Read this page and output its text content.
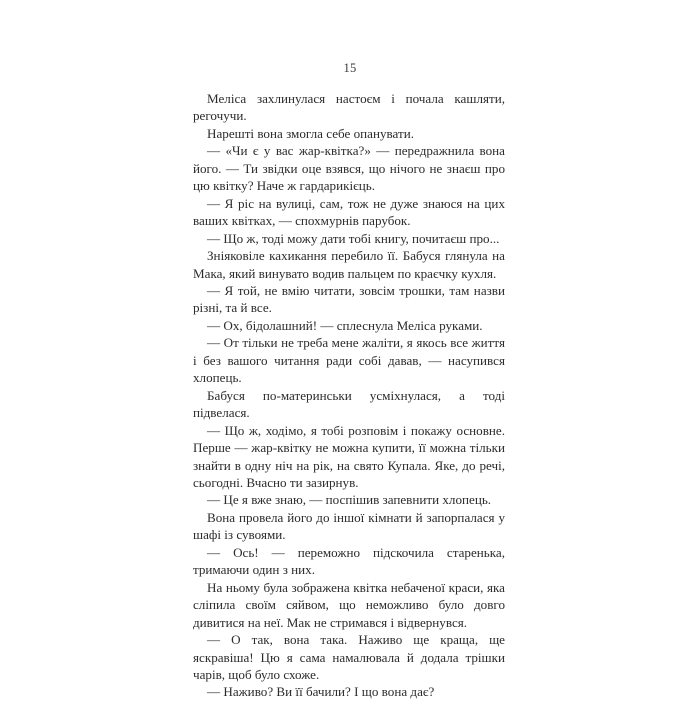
15

Меліса захлинулася настоєм і почала кашляти, регочучи.

Нарешті вона змогла себе опанувати.

— «Чи є у вас жар-квітка?» — передражнила вона його. — Ти звідки оце взявся, що нічого не знаєш про цю квітку? Наче ж гардарикієць.

— Я ріс на вулиці, сам, тож не дуже знаюся на цих ваших квітках, — спохмурнів парубок.

— Що ж, тоді можу дати тобі книгу, почитаєш про...

Зніяковіле кахикання перебило її. Бабуся глянула на Мака, який винувато водив пальцем по краєчку кухля.

— Я той, не вмію читати, зовсім трошки, там назви різні, та й все.

— Ох, бідолашний! — сплеснула Меліса руками.

— От тільки не треба мене жаліти, я якось все життя і без вашого читання ради собі давав, — насупився хлопець.

Бабуся по-материнськи усміхнулася, а тоді підвелася.

— Що ж, ходімо, я тобі розповім і покажу основне. Перше — жар-квітку не можна купити, її можна тільки знайти в одну ніч на рік, на свято Купала. Яке, до речі, сьогодні. Вчасно ти зазирнув.

— Це я вже знаю, — поспішив запевнити хлопець.

Вона провела його до іншої кімнати й запорпалася у шафі із сувоями.

— Ось! — переможно підскочила старенька, тримаючи один з них.

На ньому була зображена квітка небаченої краси, яка сліпила своїм сяйвом, що неможливо було довго дивитися на неї. Мак не стримався і відвернувся.

— О так, вона така. Наживо ще краща, ще яскравіша! Цю я сама намалювала й додала трішки чарів, щоб було схоже.

— Наживо? Ви її бачили? І що вона дає?
